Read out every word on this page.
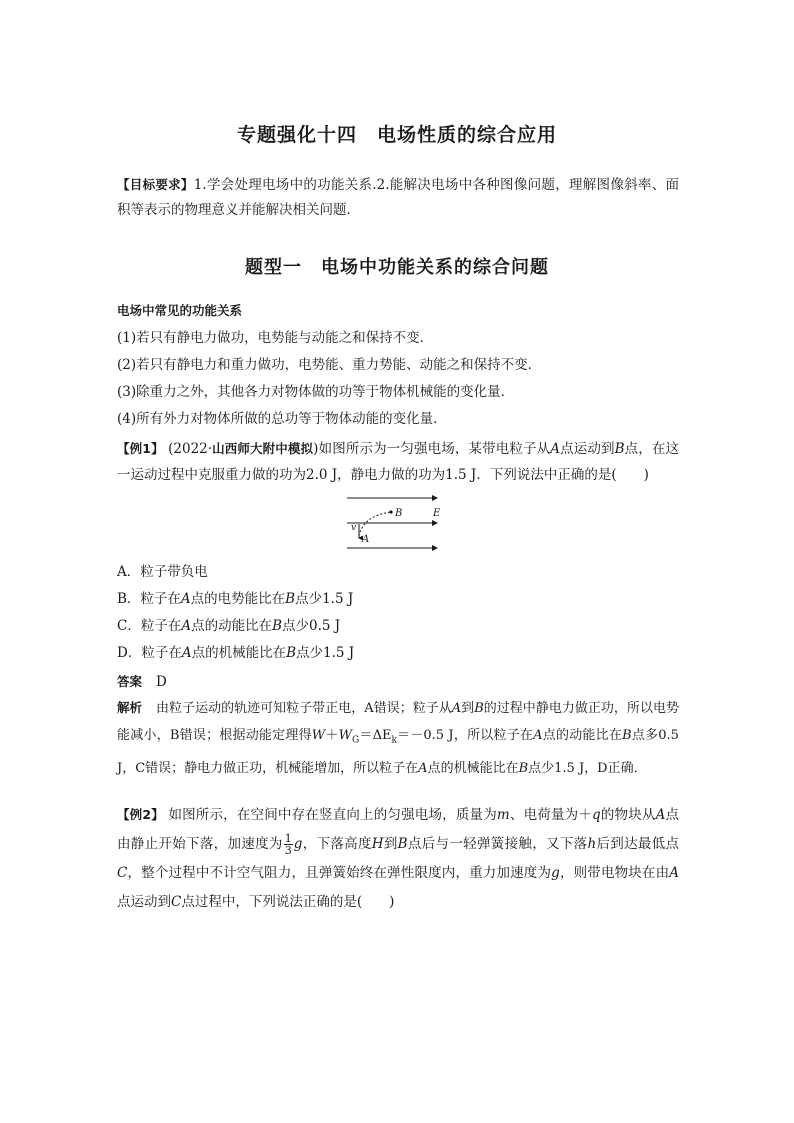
专题强化十四　电场性质的综合应用
【目标要求】1.学会处理电场中的功能关系.2.能解决电场中各种图像问题，理解图像斜率、面积等表示的物理意义并能解决相关问题．
题型一　电场中功能关系的综合问题
电场中常见的功能关系
(1)若只有静电力做功，电势能与动能之和保持不变．
(2)若只有静电力和重力做功，电势能、重力势能、动能之和保持不变．
(3)除重力之外，其他各力对物体做的功等于物体机械能的变化量．
(4)所有外力对物体所做的总功等于物体动能的变化量．
【例1】 (2022·山西师大附中模拟)如图所示为一匀强电场，某带电粒子从A点运动到B点，在这一运动过程中克服重力做的功为2.0 J，静电力做的功为1.5 J．下列说法中正确的是(　　)
B	E
v
A
A．粒子带负电
B．粒子在A点的电势能比在B点少1.5 J
C．粒子在A点的动能比在B点少0.5 J
D．粒子在A点的机械能比在B点少1.5 J
答案 D
解析 由粒子运动的轨迹可知粒子带正电，A错误；粒子从A到B的过程中静电力做正功，所以电势能减小，B错误；根据动能定理得$W+W_G=\Delta E_k=-0.5$ J，所以粒子在A点的动能比在B点多0.5 J，C错误；静电力做正功，机械能增加，所以粒子在A点的机械能比在B点少1.5 J，D正确．
【例2】 如图所示，在空间中存在竖直向上的匀强电场，质量为m、电荷量为＋q的物块从A点由静止开始下落，加速度为 $\frac{1}{3}$ g，下落高度H到B点后与一轻弹簧接触，又下落h后到达最低点C，整个过程中不计空气阻力，且弹簧始终在弹性限度内，重力加速度为g，则带电物块在由A点运动到C点过程中，下列说法正确的是(　　)
